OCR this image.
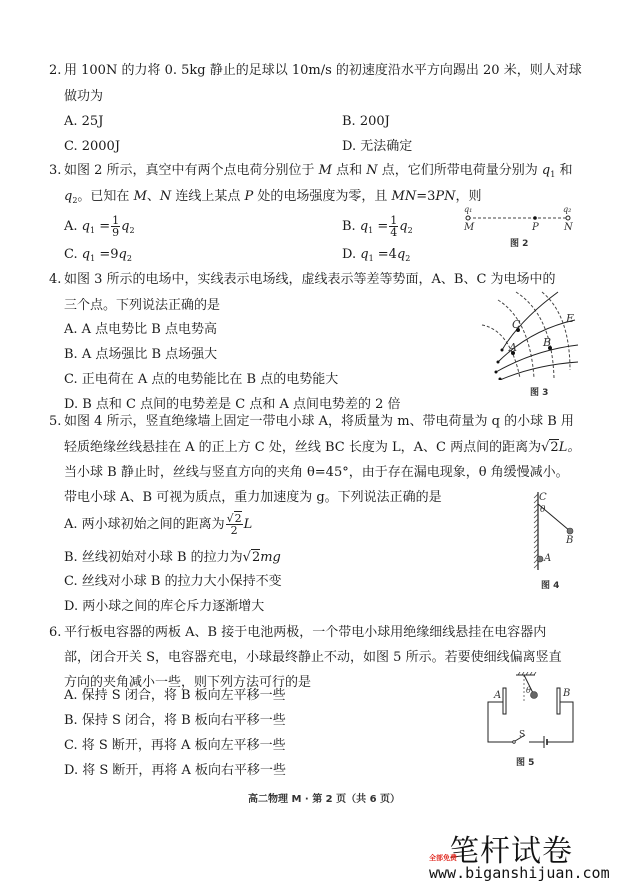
2. 用 100N 的力将 0. 5kg 静止的足球以 10m/s 的初速度沿水平方向踢出 20 米，则人对球
做功为
A. 25J	B. 200J
C. 2000J	D. 无法确定
3. 如图 2 所示，真空中有两个点电荷分别位于 M 点和 N 点，它们所带电荷量分别为 $q_1$ 和
$q_2$。已知在 M、N 连线上某点 P 处的电场强度为零，且 MN=3PN，则
A. $q_1 = \frac{1}{9} q_2$	B. $q_1 = \frac{1}{4} q_2$
C. $q_1 =9q_2$	D. $q_1 =4q_2$
q₁	q₂
M	P	N
图 2
4. 如图 3 所示的电场中，实线表示电场线，虚线表示等差等势面，A、B、C 为电场中的
三个点。下列说法正确的是
A. A 点电势比 B 点电势高
B. A 点场强比 B 点场强大
C. 正电荷在 A 点的电势能比在 B 点的电势能大
D. B 点和 C 点间的电势差是 C 点和 A 点间电势差的 2 倍
C
A B
E
图 3
5. 如图 4 所示，竖直绝缘墙上固定一带电小球 A，将质量为 m、带电荷量为 q 的小球 B 用
轻质绝缘丝线悬挂在 A 的正上方 C 处，丝线 BC 长度为 L，A、C 两点间的距离为√2L。
当小球 B 静止时，丝线与竖直方向的夹角 θ=45°，由于存在漏电现象，θ 角缓慢减小。
带电小球 A、B 可视为质点，重力加速度为 g。下列说法正确的是
A. 两小球初始之间的距离为 $\frac{√2}{2}$ L
B. 丝线初始对小球 B 的拉力为√2mg
C. 丝线对小球 B 的拉力大小保持不变
D. 两小球之间的库仑斥力逐渐增大
C
θ
B
A
图 4
6. 平行板电容器的两板 A、B 接于电池两极，一个带电小球用绝缘细线悬挂在电容器内
部，闭合开关 S，电容器充电，小球最终静止不动，如图 5 所示。若要使细线偏离竖直
方向的夹角减小一些，则下列方法可行的是
A. 保持 S 闭合，将 B 板向左平移一些
B. 保持 S 闭合，将 B 板向右平移一些
C. 将 S 断开，再将 A 板向左平移一些
D. 将 S 断开，再将 A 板向右平移一些
A	B
θ
S
图 5
高二物理 M · 第 2 页（共 6 页）
笔杆试卷
全部免费
www.biganshijuan.com
